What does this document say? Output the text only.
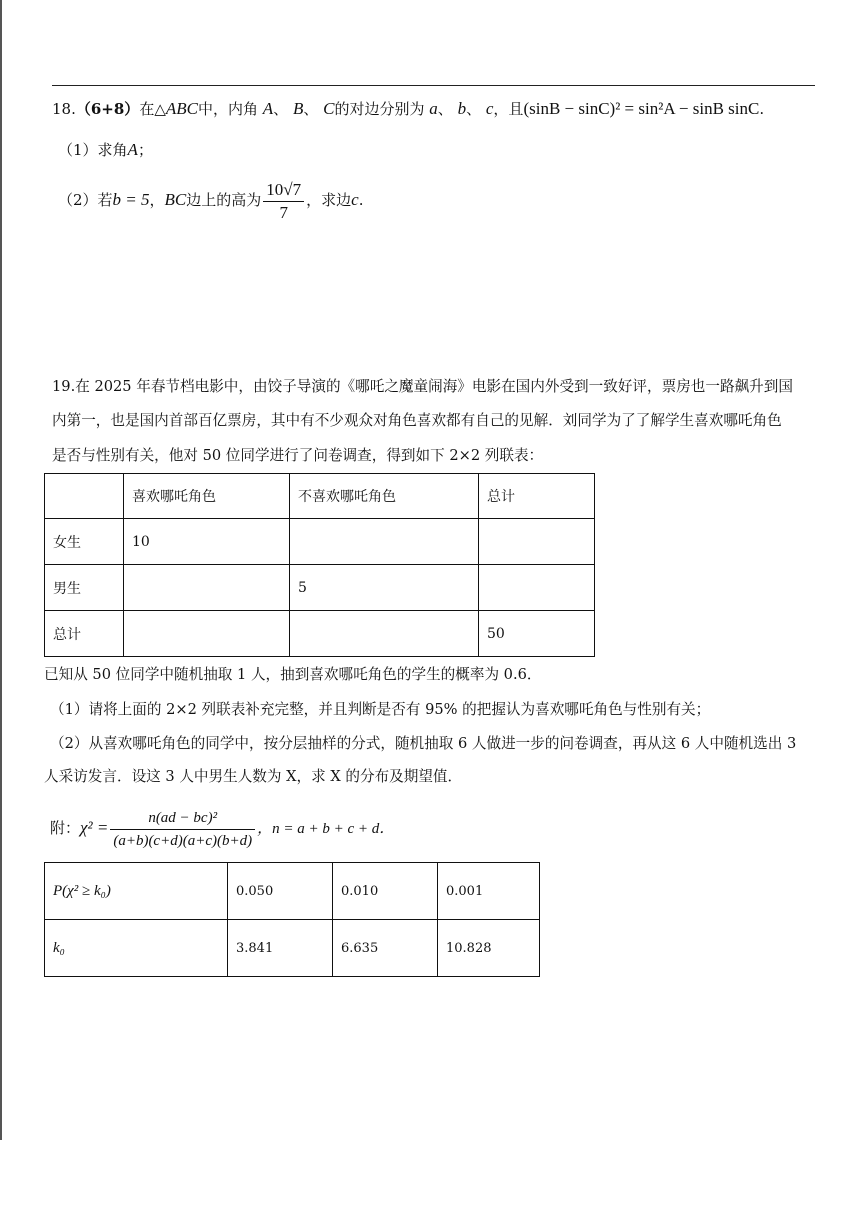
18.（6+8）在△ABC中，内角 A、 B、 C的对边分别为 a、 b、 c，且(sinB − sinC)² = sin²A − sinB sinC.
（1）求角A；
（2）若b = 5，BC边上的高为 $\frac{10√7}{7}$ ，求边c.
19.在 2025 年春节档电影中，由饺子导演的《哪吒之魔童闹海》电影在国内外受到一致好评，票房也一路飙升到国
内第一，也是国内首部百亿票房，其中有不少观众对角色喜欢都有自己的见解．刘同学为了了解学生喜欢哪吒角色
是否与性别有关，他对 50 位同学进行了问卷调查，得到如下 2×2 列联表：
	喜欢哪吒角色	不喜欢哪吒角色	总计
女生	10		
男生		5	
总计			50
已知从 50 位同学中随机抽取 1 人，抽到喜欢哪吒角色的学生的概率为 0.6．
（1）请将上面的 2×2 列联表补充完整，并且判断是否有 95% 的把握认为喜欢哪吒角色与性别有关；
（2）从喜欢哪吒角色的同学中，按分层抽样的分式，随机抽取 6 人做进一步的问卷调查，再从这 6 人中随机选出 3
人采访发言．设这 3 人中男生人数为 X，求 X 的分布及期望值．
附：$\chi^2 = \frac{\text{n(ad − bc)²}}{(a+b)(c+d)(a+c)(b+d)}$ ，n = a + b + c + d．
P(χ² ≥ k₀)	0.050	0.010	0.001
k₀	3.841	6.635	10.828
